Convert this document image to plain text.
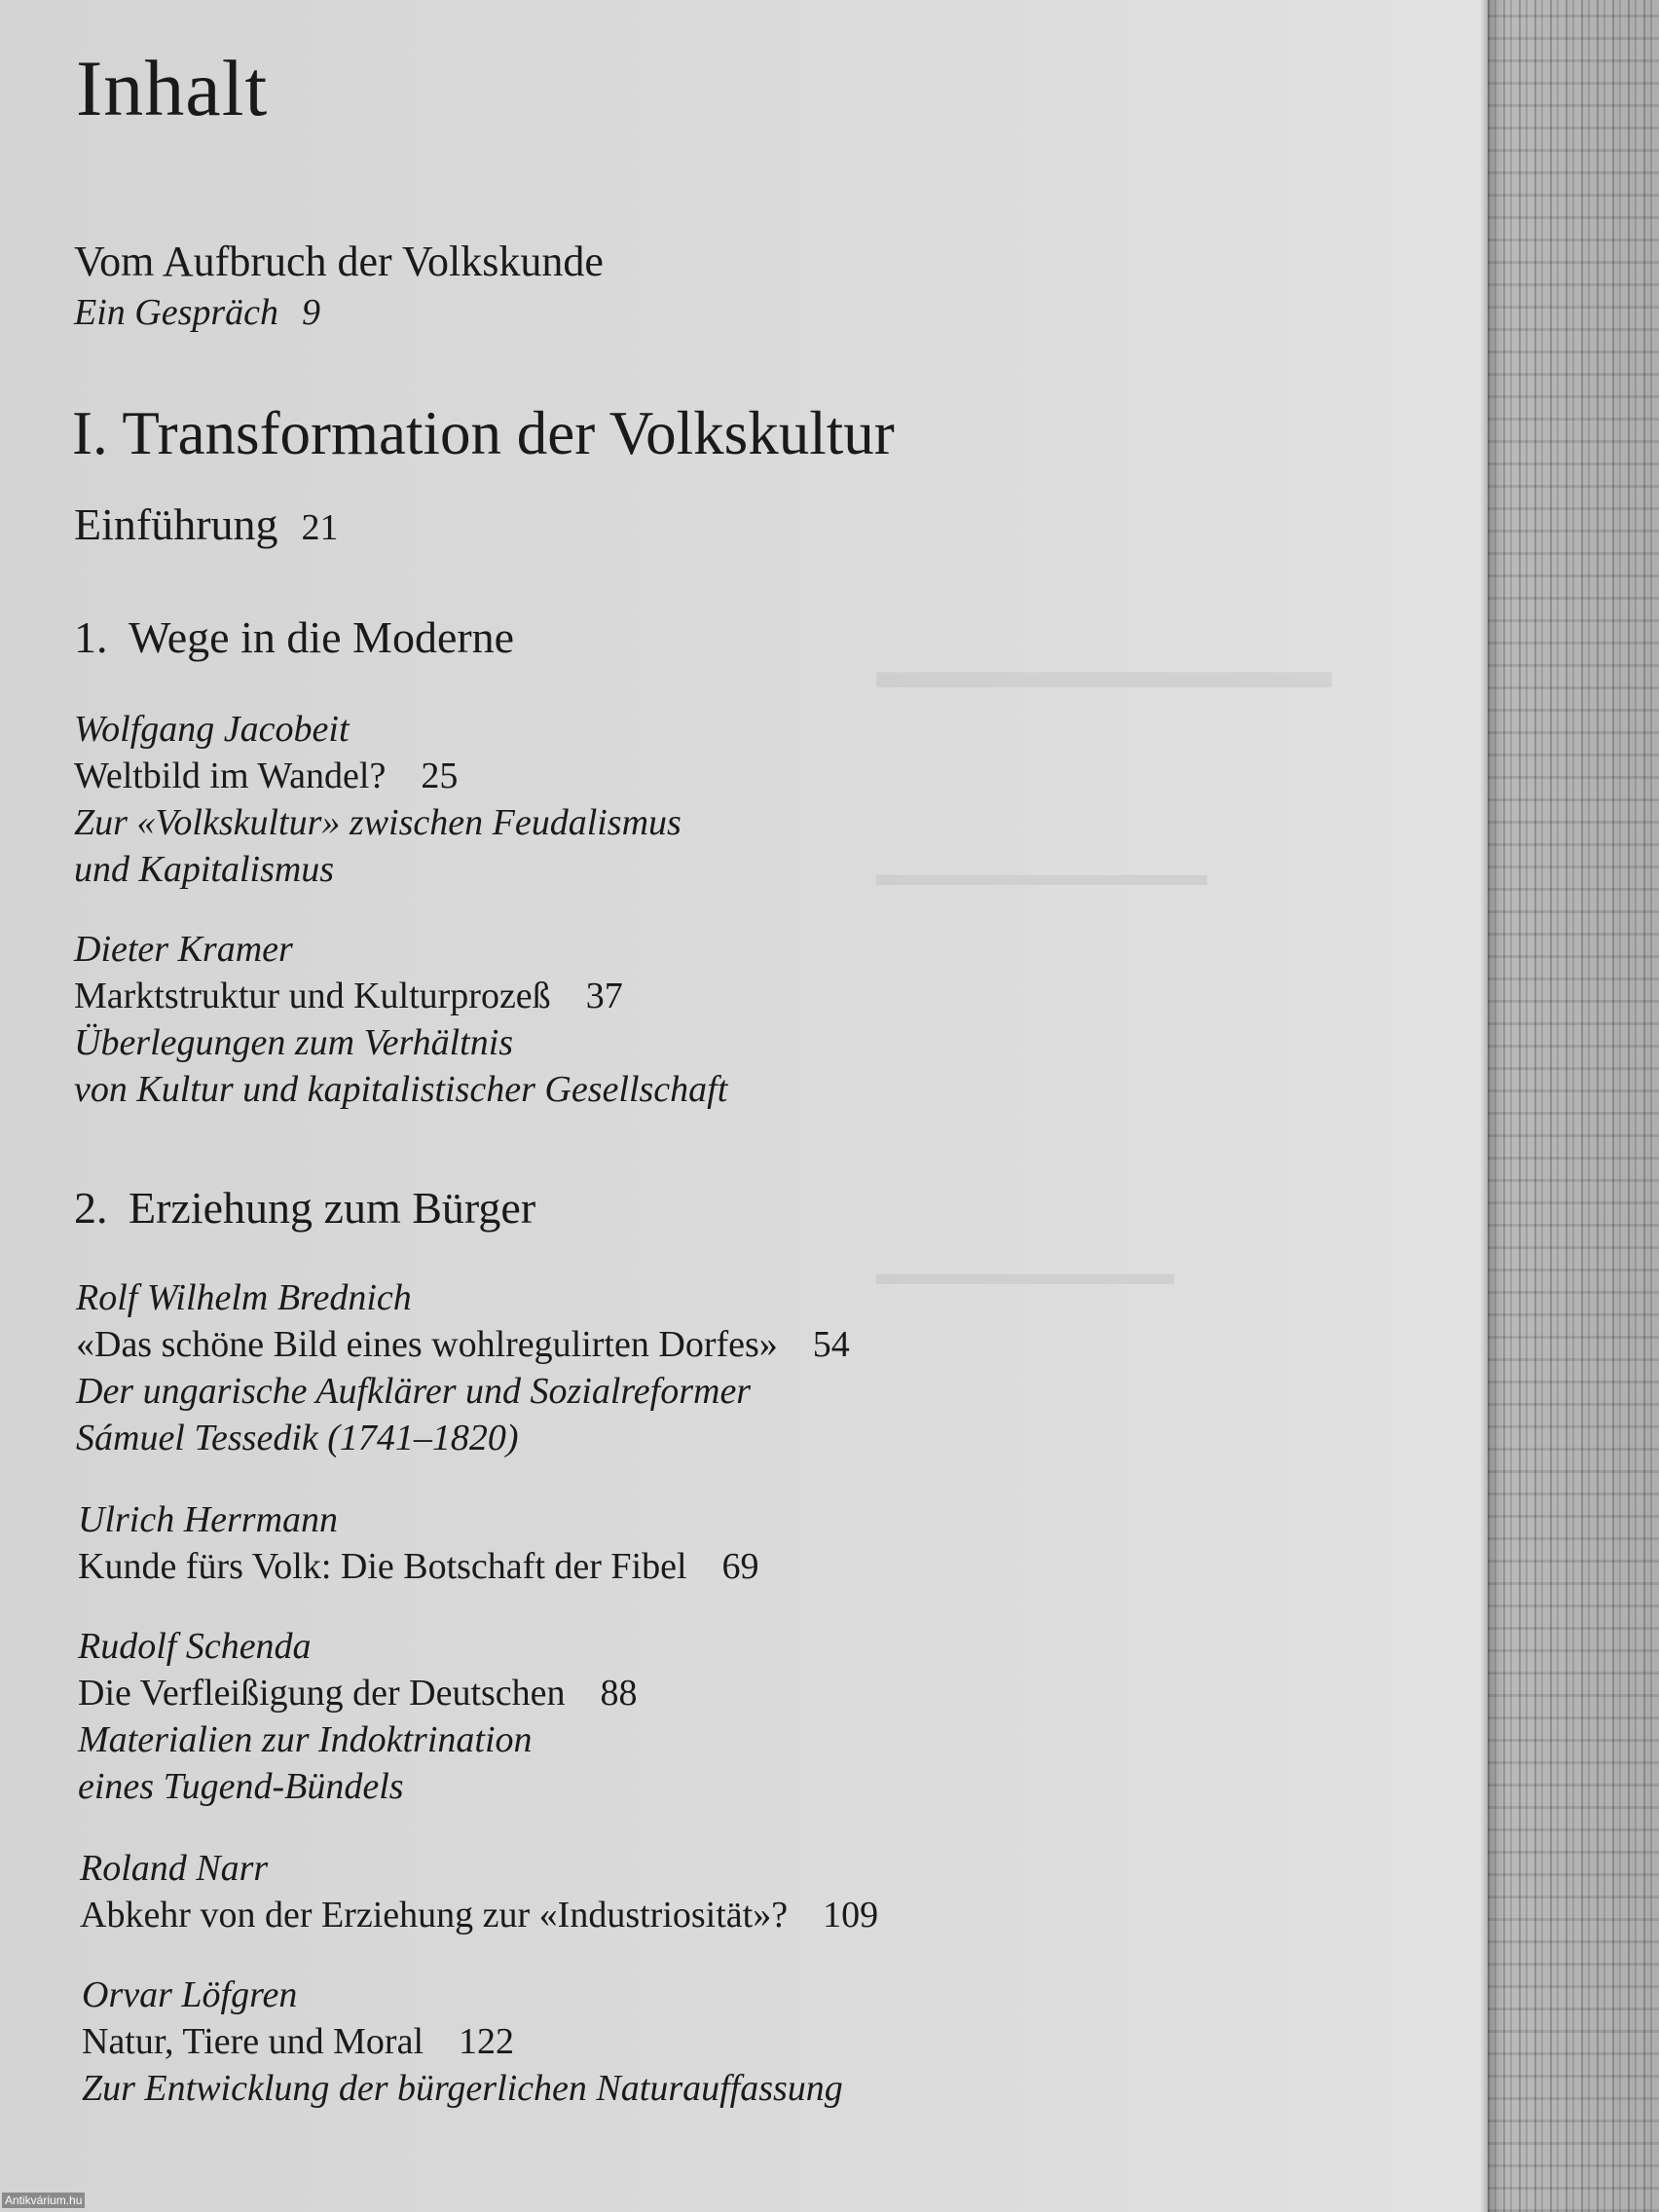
▬▬▬▬▬▬▬▬▬
▬▬▬▬▬▬▬▬▬▬
▬▬▬▬▬▬▬▬▬
Inhalt
Vom Aufbruch der Volkskunde
Ein Gespräch 9
I. Transformation der Volkskultur
Einführung 21
1. Wege in die Moderne
Wolfgang Jacobeit
Weltbild im Wandel? 25
Zur «Volkskultur» zwischen Feudalismus
und Kapitalismus
Dieter Kramer
Marktstruktur und Kulturprozeß 37
Überlegungen zum Verhältnis
von Kultur und kapitalistischer Gesellschaft
2. Erziehung zum Bürger
Rolf Wilhelm Brednich
«Das schöne Bild eines wohlregulirten Dorfes» 54
Der ungarische Aufklärer und Sozialreformer
Sámuel Tessedik (1741–1820)
Ulrich Herrmann
Kunde fürs Volk: Die Botschaft der Fibel 69
Rudolf Schenda
Die Verfleißigung der Deutschen 88
Materialien zur Indoktrination
eines Tugend-Bündels
Roland Narr
Abkehr von der Erziehung zur «Industriosität»? 109
Orvar Löfgren
Natur, Tiere und Moral 122
Zur Entwicklung der bürgerlichen Naturauffassung
Antikvárium.hu
